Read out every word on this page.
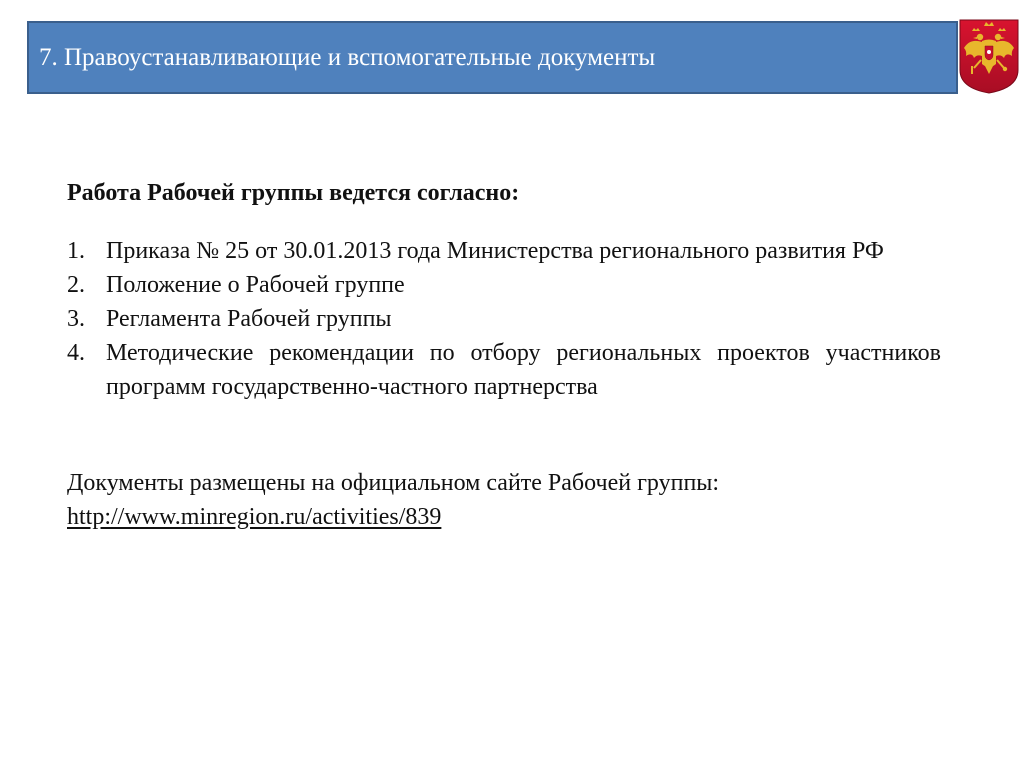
7. Правоустанавливающие и вспомогательные документы

Работа Рабочей группы ведется согласно:

1. Приказа № 25 от 30.01.2013 года Министерства регионального развития РФ
2. Положение о Рабочей группе
3. Регламента Рабочей группы
4. Методические рекомендации по отбору региональных проектов участников программ государственно-частного партнерства
Документы размещены на официальном сайте Рабочей группы:
http://www.minregion.ru/activities/839
